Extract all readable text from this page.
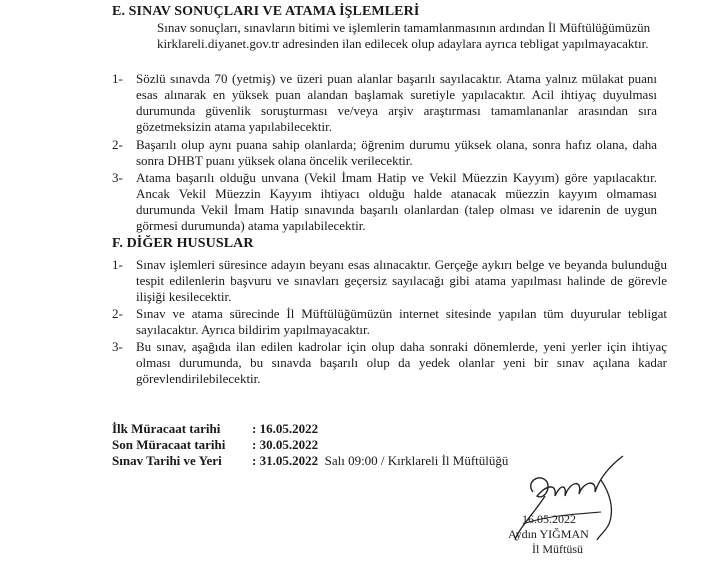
E. SINAV SONUÇLARI VE ATAMA İŞLEMLERİ
Sınav sonuçları, sınavların bitimi ve işlemlerin tamamlanmasının ardından İl Müftülüğümüzün kirklareli.diyanet.gov.tr adresinden ilan edilecek olup adaylara ayrıca tebligat yapılmayacaktır.
1-	Sözlü sınavda 70 (yetmiş) ve üzeri puan alanlar başarılı sayılacaktır. Atama yalnız mülakat puanı esas alınarak en yüksek puan alandan başlamak suretiyle yapılacaktır. Acil ihtiyaç duyulması durumunda güvenlik soruşturması ve/veya arşiv araştırması tamamlananlar arasından sıra gözetmeksizin atama yapılabilecektir.
2-	Başarılı olup aynı puana sahip olanlarda; öğrenim durumu yüksek olana, sonra hafız olana, daha sonra DHBT puanı yüksek olana öncelik verilecektir.
3-	Atama başarılı olduğu unvana (Vekil İmam Hatip ve Vekil Müezzin Kayyım) göre yapılacaktır. Ancak Vekil Müezzin Kayyım ihtiyacı olduğu halde atanacak müezzin kayyım olmaması durumunda Vekil İmam Hatip sınavında başarılı olanlardan (talep olması ve idarenin de uygun görmesi durumunda) atama yapılabilecektir.
F. DİĞER HUSUSLAR
1-	Sınav işlemleri süresince adayın beyanı esas alınacaktır. Gerçeğe aykırı belge ve beyanda bulunduğu tespit edilenlerin başvuru ve sınavları geçersiz sayılacağı gibi atama yapılması halinde de görevle ilişiği kesilecektir.
2-	Sınav ve atama sürecinde İl Müftülüğümüzün internet sitesinde yapılan tüm duyurular tebligat sayılacaktır. Ayrıca bildirim yapılmayacaktır.
3-	Bu sınav, aşağıda ilan edilen kadrolar için olup daha sonraki dönemlerde, yeni yerler için ihtiyaç olması durumunda, bu sınavda başarılı olup da yedek olanlar yeni bir sınav açılana kadar görevlendirilebilecektir.
İlk Müracaat tarihi : 16.05.2022
Son Müracaat tarihi : 30.05.2022
Sınav Tarihi ve Yeri : 31.05.2022 Salı 09:00 / Kırklareli İl Müftülüğü
16.05.2022
Aydın YIĞMAN
İl Müftüsü
